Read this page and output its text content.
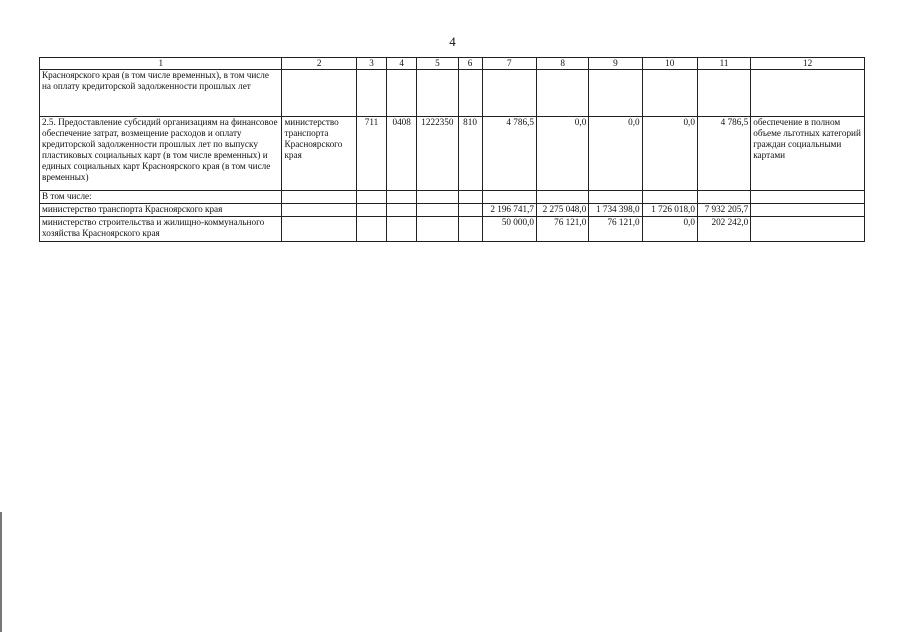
4
1	2	3	4	5	6	7	8	9	10	11	12
Красноярского края (в том числе временных), в том числе на оплату кредиторской задолженности прошлых лет											
2.5. Предоставление субсидий организациям на финансовое обеспечение затрат, возмещение расходов и оплату кредиторской задолженности прошлых лет по выпуску пластиковых социальных карт (в том числе временных) и единых социальных карт Красноярского края (в том числе временных)	министерство транспорта Красноярского края	711	0408	1222350	810	4 786,5	0,0	0,0	0,0	4 786,5	обеспечение в полном объеме льготных категорий граждан социальными картами
В том числе:											
министерство транспорта Красноярского края						2 196 741,7	2 275 048,0	1 734 398,0	1 726 018,0	7 932 205,7	
министерство строительства и жилищно-коммунального хозяйства Красноярского края						50 000,0	76 121,0	76 121,0	0,0	202 242,0	
